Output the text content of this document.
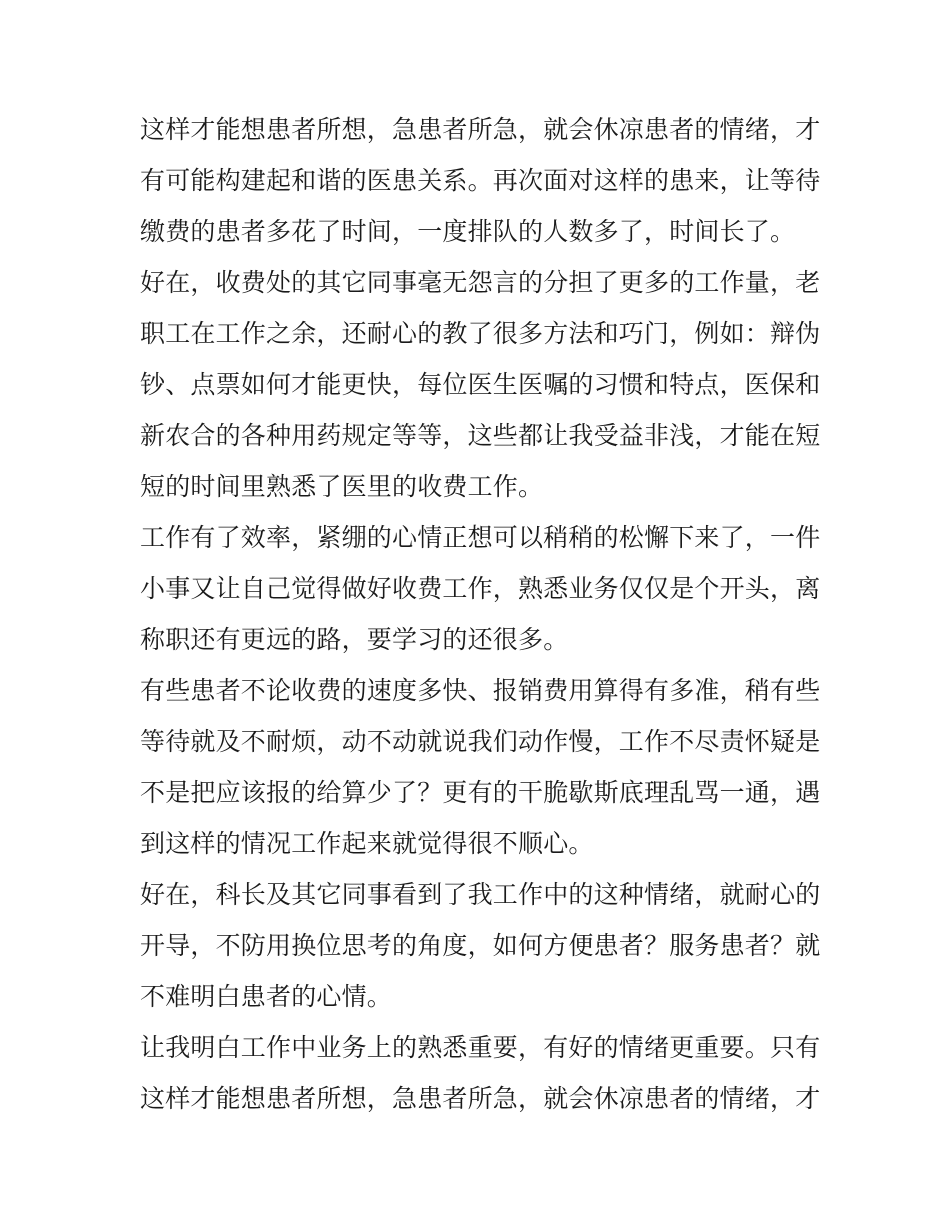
这样才能想患者所想，急患者所急，就会休凉患者的情绪，才
有可能构建起和谐的医患关系。再次面对这样的患来，让等待
缴费的患者多花了时间，一度排队的人数多了，时间长了。
好在，收费处的其它同事毫无怨言的分担了更多的工作量，老
职工在工作之余，还耐心的教了很多方法和巧门，例如：辩伪
钞、点票如何才能更快，每位医生医嘱的习惯和特点，医保和
新农合的各种用药规定等等，这些都让我受益非浅，才能在短
短的时间里熟悉了医里的收费工作。
工作有了效率，紧绷的心情正想可以稍稍的松懈下来了，一件
小事又让自己觉得做好收费工作，熟悉业务仅仅是个开头，离
称职还有更远的路，要学习的还很多。
有些患者不论收费的速度多快、报销费用算得有多准，稍有些
等待就及不耐烦，动不动就说我们动作慢，工作不尽责怀疑是
不是把应该报的给算少了？更有的干脆歇斯底理乱骂一通，遇
到这样的情况工作起来就觉得很不顺心。
好在，科长及其它同事看到了我工作中的这种情绪，就耐心的
开导，不防用换位思考的角度，如何方便患者？服务患者？就
不难明白患者的心情。
让我明白工作中业务上的熟悉重要，有好的情绪更重要。只有
这样才能想患者所想，急患者所急，就会休凉患者的情绪，才
